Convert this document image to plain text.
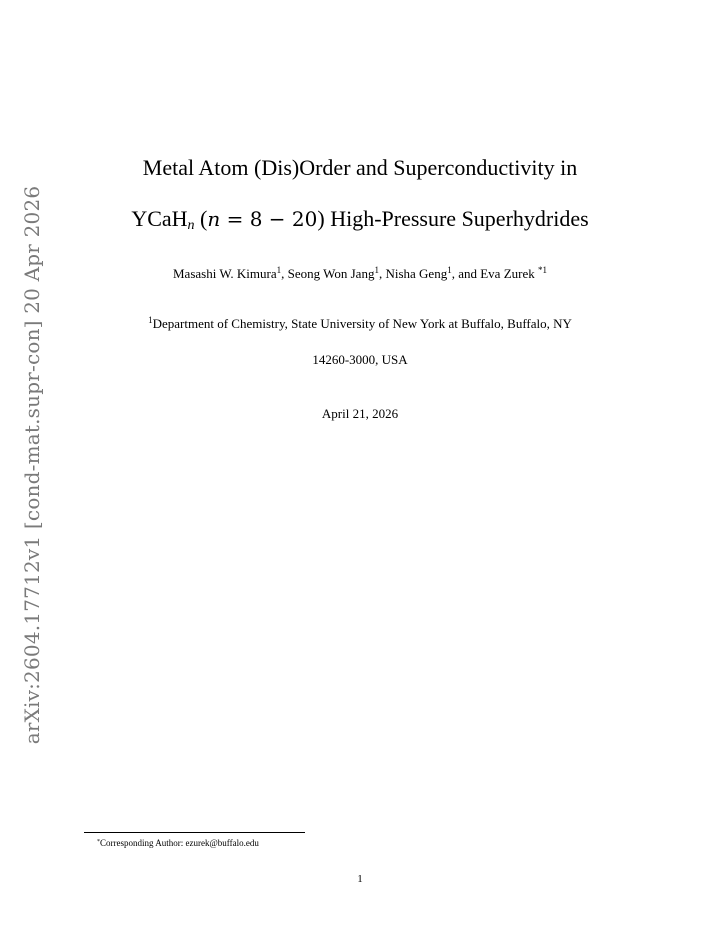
arXiv:2604.17712v1 [cond-mat.supr-con] 20 Apr 2026
Metal Atom (Dis)Order and Superconductivity in
YCaH$_n$ (n = 8 − 20) High-Pressure Superhydrides
Masashi W. Kimura$^1$, Seong Won Jang$^1$, Nisha Geng$^1$, and Eva Zurek $^{*1}$
$^1$Department of Chemistry, State University of New York at Buffalo, Buffalo, NY
14260-3000, USA
April 21, 2026
*Corresponding Author: ezurek@buffalo.edu
1
